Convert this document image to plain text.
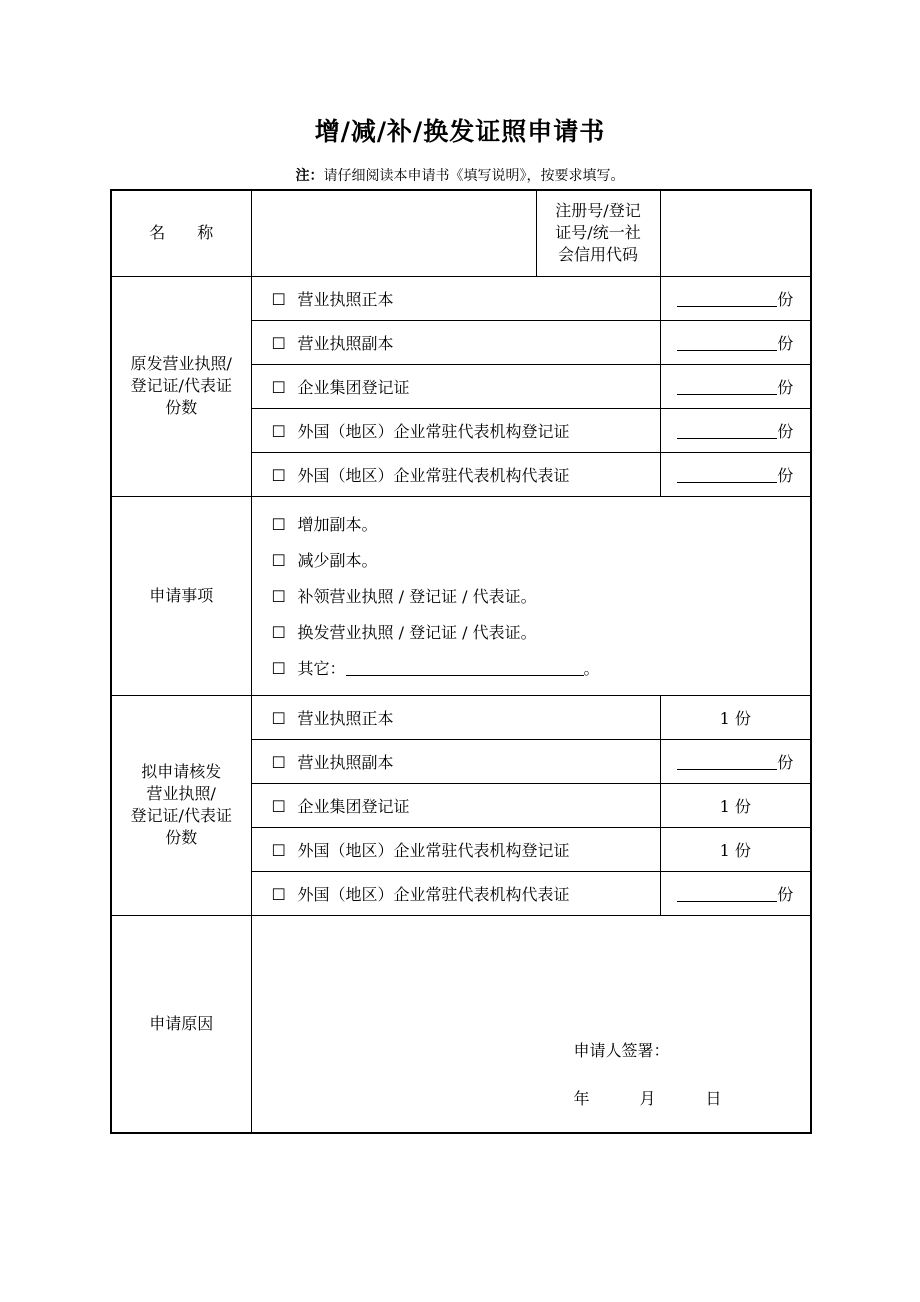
增/减/补/换发证照申请书
注：请仔细阅读本申请书《填写说明》，按要求填写。
名　　称		注册号/登记
证号/统一社
会信用代码	

原发营业执照/
登记证/代表证
份数	☐ 营业执照正本		份
	☐ 营业执照副本		份
	☐ 企业集团登记证		份
	☐ 外国（地区）企业常驻代表机构登记证		份
	☐ 外国（地区）企业常驻代表机构代表证		份
申请事项	☐ 增加副本。
☐ 减少副本。
☐ 补领营业执照 / 登记证 / 代表证。
☐ 换发营业执照 / 登记证 / 代表证。
☐ 其它： 。		

拟申请核发
营业执照/
登记证/代表证
份数	☐ 营业执照正本		1 份
	☐ 营业执照副本		份
	☐ 企业集团登记证		1 份
	☐ 外国（地区）企业常驻代表机构登记证		1 份
	☐ 外国（地区）企业常驻代表机构代表证		份
申请原因	申请人签署：
年 月 日		
